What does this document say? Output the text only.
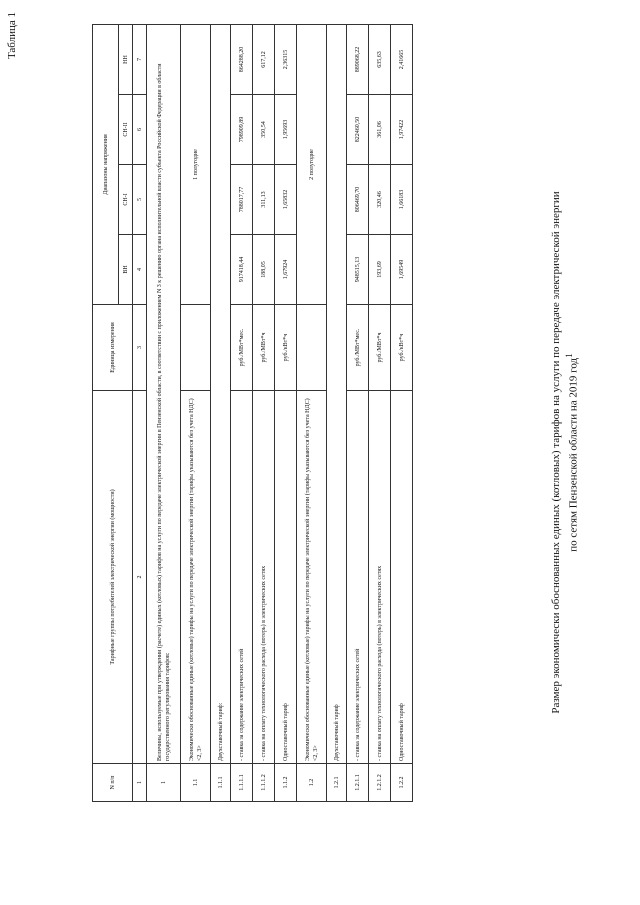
Таблица 1
Размер экономически обоснованных единых (котловых) тарифов на услуги по передаче электрической энергии по сетям Пензенской области на 2019 год$^1$
N п/п	Тарифные группы потребителей электрической энергии (мощности)	Единица измерения	Диапазоны напряжения			
			ВН	СН-I	СН-II	НН
1	2	3	4	5	6	7
1	Величины, используемые при утверждении (расчете) единых (котловых) тарифов на услуги по передаче электрической энергии в Пензенской области, в соответствии с приложением N 3 к решению органа исполнительной власти субъекта Российской Федерации в области государственного регулирования тарифов:					
1.1	Экономически обоснованные единые (котловые) тарифы на услуги по передаче электрической энергии (тарифы указываются без учета НДС) <2, 3>		1 полугодие			
1.1.1	Двухставочный тариф:					
1.1.1.1	- ставка за содержание электрических сетей	руб./МВт*мес.	917418,44	788017,77	798909,89	864288,20
1.1.1.2	- ставка на оплату технологического расхода (потерь) в электрических сетях	руб./МВт*ч	188,05	311,13	350,54	617,12
1.1.2	Одноставочный тариф	руб./кВт*ч	1,67924	1,65832	1,95693	2,36315
1.2	Экономически обоснованные единые (котловые) тарифы на услуги по передаче электрической энергии (тарифы указываются без учета НДС) <2, 3>		2 полугодие			
1.2.1	Двухставочный тариф					
1.2.1.1	- ставка за содержание электрических сетей	руб./МВт*мес.	948515,13	806469,70	822460,50	889068,22
1.2.1.2	- ставка на оплату технологического расхода (потерь) в электрических сетях	руб./МВт*ч	193,69	320,46	361,06	635,63
1.2.2	Одноставочный тариф	руб./кВт*ч	1,69549	1,66183	1,97422	2,41665
